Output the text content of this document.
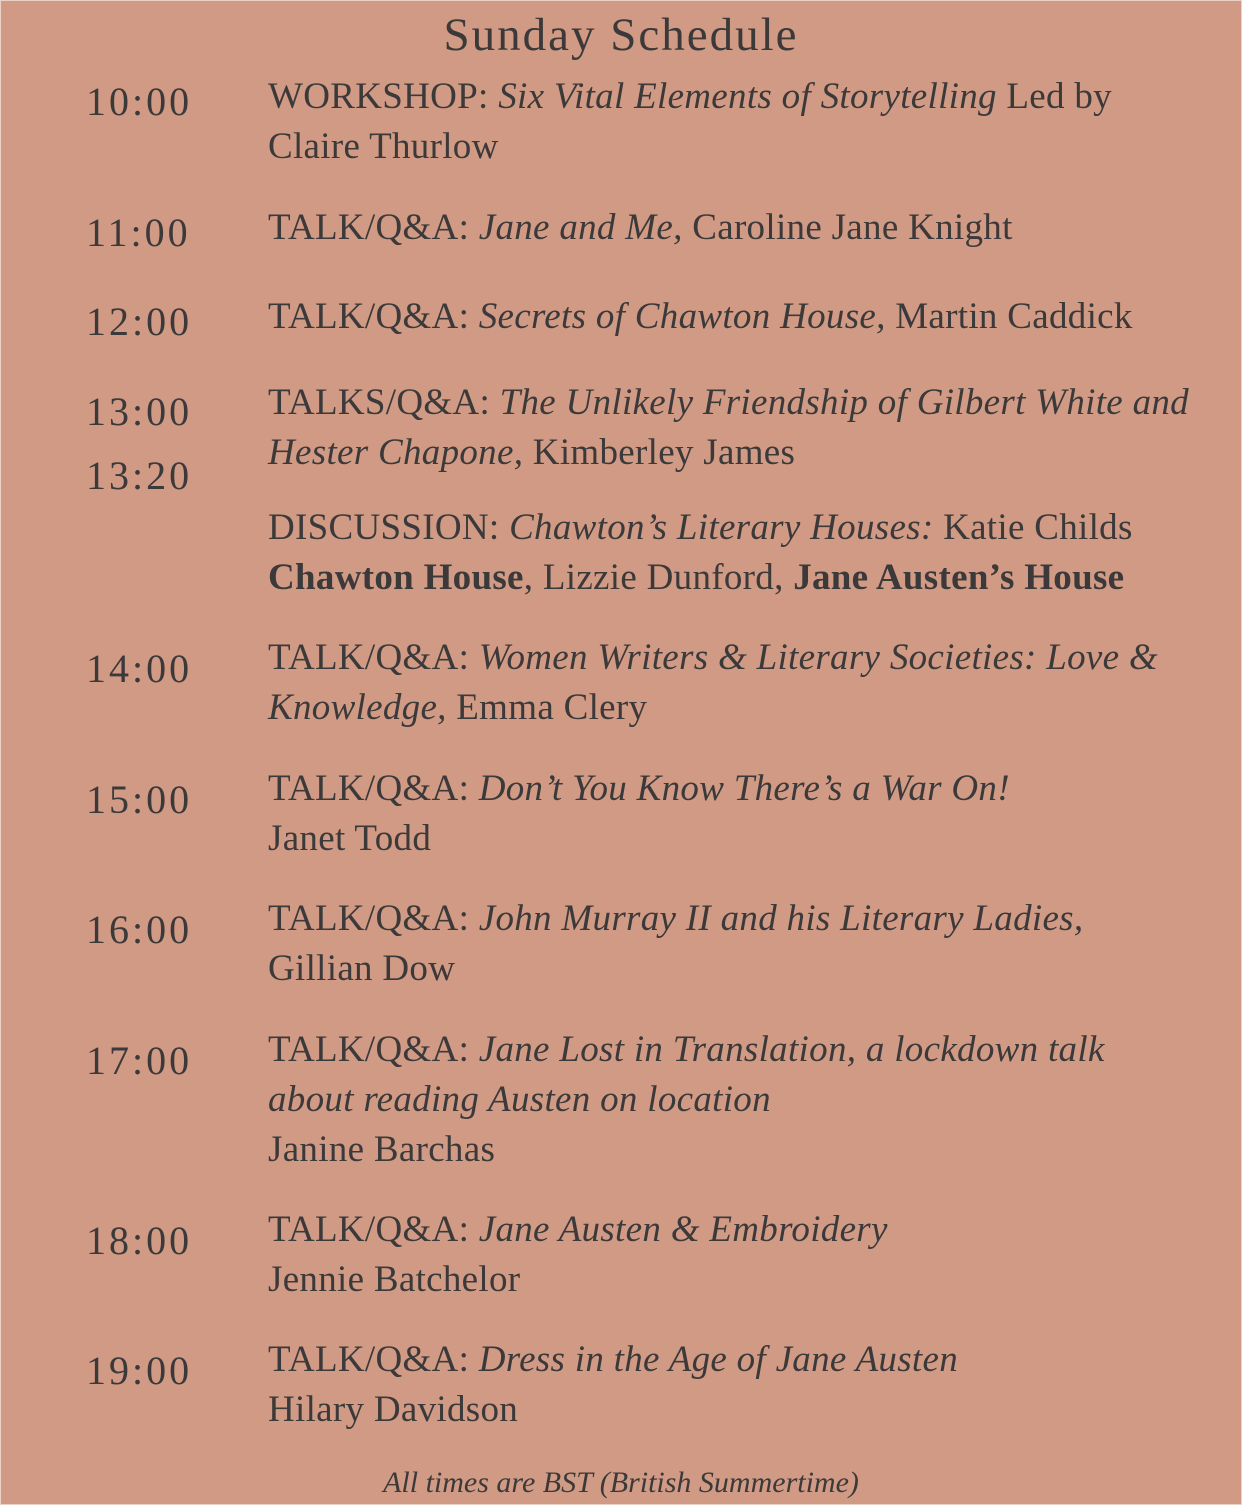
Sunday Schedule
10:00 WORKSHOP: Six Vital Elements of Storytelling Led by Claire Thurlow
11:00 TALK/Q&A: Jane and Me, Caroline Jane Knight
12:00 TALK/Q&A: Secrets of Chawton House, Martin Caddick
13:00 TALKS/Q&A: The Unlikely Friendship of Gilbert White and Hester Chapone, Kimberley James
13:20
DISCUSSION: Chawton’s Literary Houses: Katie Childs
Chawton House, Lizzie Dunford, Jane Austen’s House
14:00 TALK/Q&A: Women Writers & Literary Societies: Love & Knowledge, Emma Clery
15:00 TALK/Q&A: Don’t You Know There’s a War On!
Janet Todd
16:00 TALK/Q&A: John Murray II and his Literary Ladies,
Gillian Dow
17:00 TALK/Q&A: Jane Lost in Translation, a lockdown talk about reading Austen on location
Janine Barchas
18:00 TALK/Q&A: Jane Austen & Embroidery
Jennie Batchelor
19:00 TALK/Q&A: Dress in the Age of Jane Austen
Hilary Davidson
All times are BST (British Summertime)
